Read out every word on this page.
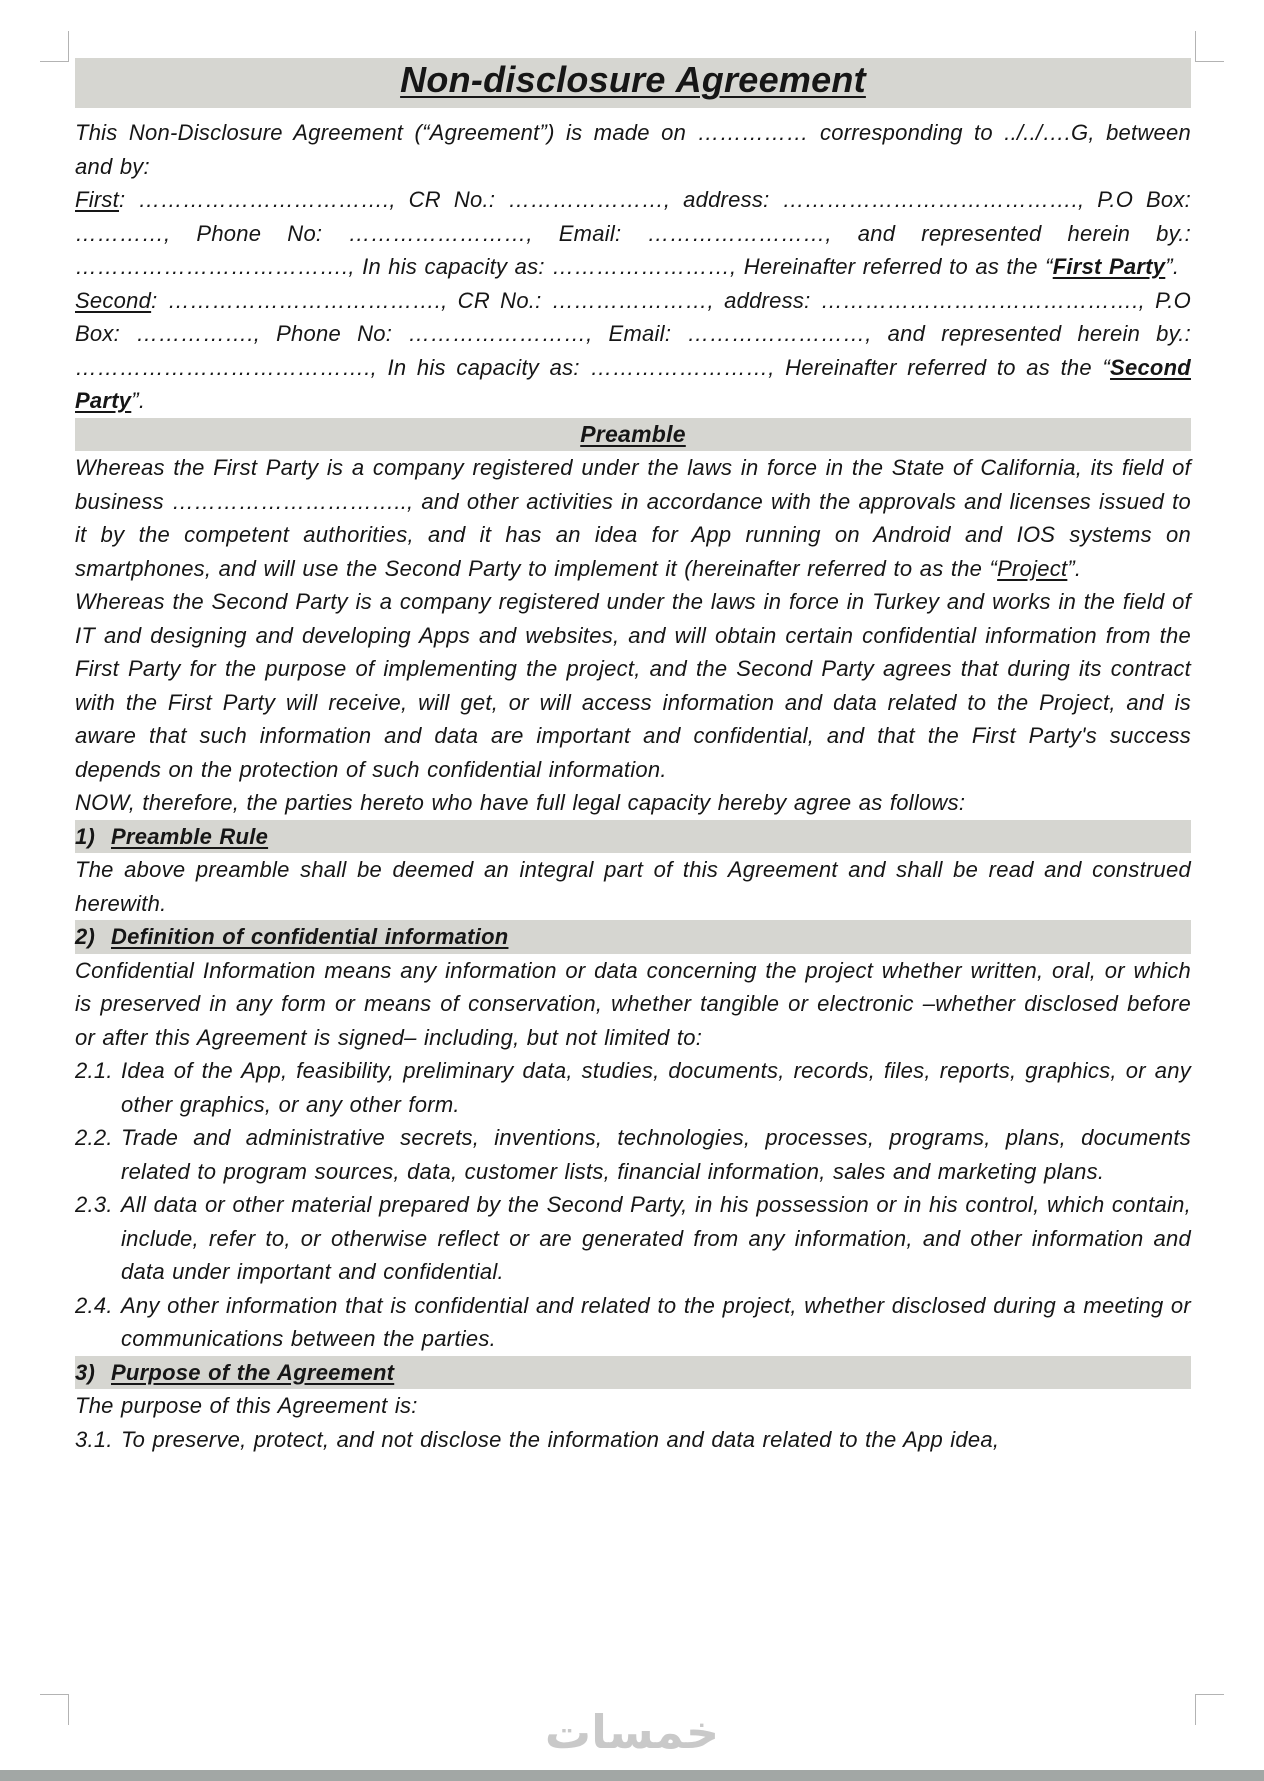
Non-disclosure Agreement

This Non-Disclosure Agreement (“Agreement”) is made on …………… corresponding to ../../….G, between and by:

First: ……………………………., CR No.: …………………, address: …………………………………., P.O Box: …………, Phone No: ……………………, Email: ……………………, and represented herein by.: ………………………………., In his capacity as: ……………………, Hereinafter referred to as the “First Party”.

Second: ………………………………., CR No.: …………………, address: ……………………………………., P.O Box: ……………., Phone No: ……………………, Email: ……………………, and represented herein by.: …………………………………., In his capacity as: ……………………, Hereinafter referred to as the “Second Party”.

Preamble

Whereas the First Party is a company registered under the laws in force in the State of California, its field of business ………………………….., and other activities in accordance with the approvals and licenses issued to it by the competent authorities, and it has an idea for App running on Android and IOS systems on smartphones, and will use the Second Party to implement it (hereinafter referred to as the “Project”.

Whereas the Second Party is a company registered under the laws in force in Turkey and works in the field of IT and designing and developing Apps and websites, and will obtain certain confidential information from the First Party for the purpose of implementing the project, and the Second Party agrees that during its contract with the First Party will receive, will get, or will access information and data related to the Project, and is aware that such information and data are important and confidential, and that the First Party's success depends on the protection of such confidential information.

NOW, therefore, the parties hereto who have full legal capacity hereby agree as follows:

1) Preamble Rule

The above preamble shall be deemed an integral part of this Agreement and shall be read and construed herewith.

2) Definition of confidential information

Confidential Information means any information or data concerning the project whether written, oral, or which is preserved in any form or means of conservation, whether tangible or electronic –whether disclosed before or after this Agreement is signed– including, but not limited to:

2.1. Idea of the App, feasibility, preliminary data, studies, documents, records, files, reports, graphics, or any other graphics, or any other form.

2.2. Trade and administrative secrets, inventions, technologies, processes, programs, plans, documents related to program sources, data, customer lists, financial information, sales and marketing plans.

2.3. All data or other material prepared by the Second Party, in his possession or in his control, which contain, include, refer to, or otherwise reflect or are generated from any information, and other information and data under important and confidential.

2.4. Any other information that is confidential and related to the project, whether disclosed during a meeting or communications between the parties.

3) Purpose of the Agreement

The purpose of this Agreement is:

3.1. To preserve, protect, and not disclose the information and data related to the App idea,

خمسات
